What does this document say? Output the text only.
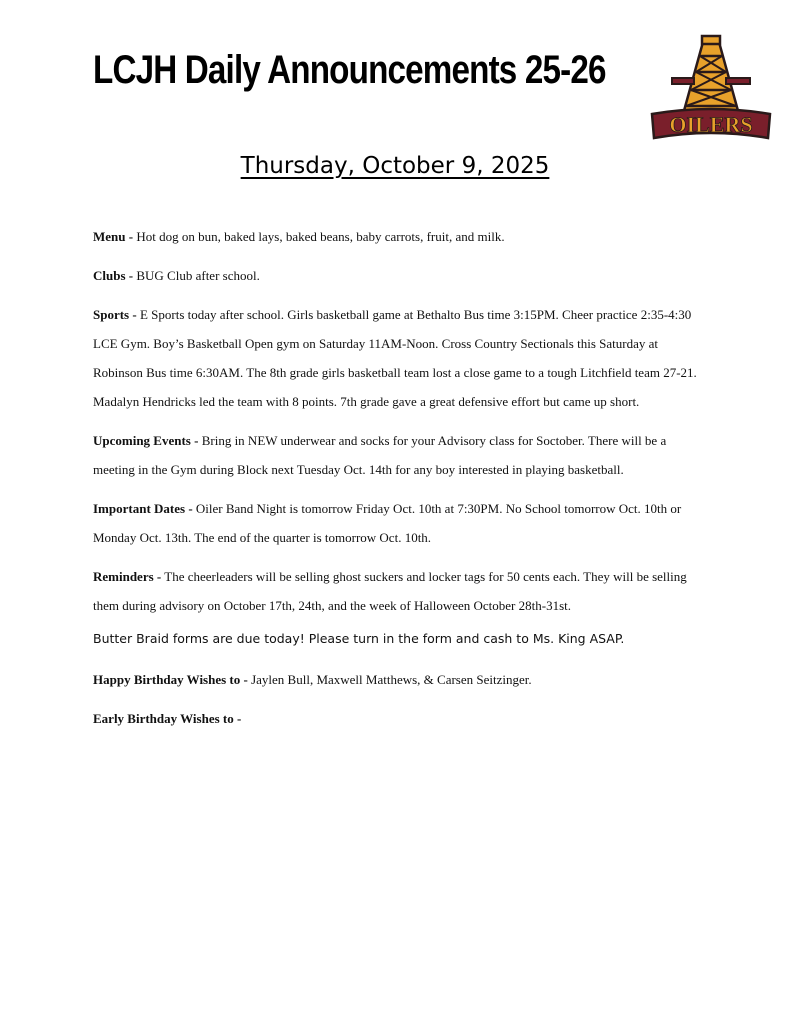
LCJH Daily Announcements 25-26
OILERS

Thursday, October 9, 2025

Menu - Hot dog on bun, baked lays, baked beans, baby carrots, fruit, and milk.

Clubs - BUG Club after school.

Sports - E Sports today after school. Girls basketball game at Bethalto Bus time 3:15PM. Cheer practice 2:35-4:30 LCE Gym. Boy’s Basketball Open gym on Saturday 11AM-Noon. Cross Country Sectionals this Saturday at Robinson Bus time 6:30AM. The 8th grade girls basketball team lost a close game to a tough Litchfield team 27-21. Madalyn Hendricks led the team with 8 points. 7th grade gave a great defensive effort but came up short.

Upcoming Events - Bring in NEW underwear and socks for your Advisory class for Soctober. There will be a meeting in the Gym during Block next Tuesday Oct. 14th for any boy interested in playing basketball.

Important Dates - Oiler Band Night is tomorrow Friday Oct. 10th at 7:30PM. No School tomorrow Oct. 10th or Monday Oct. 13th. The end of the quarter is tomorrow Oct. 10th.

Reminders - The cheerleaders will be selling ghost suckers and locker tags for 50 cents each. They will be selling them during advisory on October 17th, 24th, and the week of Halloween October 28th-31st.

Butter Braid forms are due today! Please turn in the form and cash to Ms. King ASAP.

Happy Birthday Wishes to - Jaylen Bull, Maxwell Matthews, & Carsen Seitzinger.

Early Birthday Wishes to -
